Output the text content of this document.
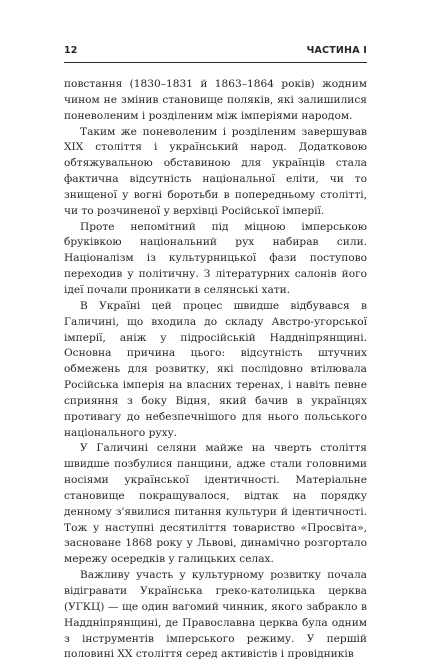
12	ЧАСТИНА I

повстання (1830–1831 й 1863–1864 років) жодним чином не змінив становище поляків, які залишилися поневоленим і розділеним між імперіями народом.

Таким же поневоленим і розділеним завершував XIX століття і український народ. Додатковою обтяжувальною обставиною для українців стала фактична відсутність національної еліти, чи то знищеної у вогні боротьби в попередньому столітті, чи то розчиненої у верхівці Російської імперії.

Проте непомітний під міцною імперською бруківкою національний рух набирав сили. Націоналізм із культурницької фази поступово переходив у політичну. З літературних салонів його ідеї почали проникати в селянські хати.

В Україні цей процес швидше відбувався в Галичині, що входила до складу Австро-угорської імперії, аніж у підросійській Наддніпрянщині. Основна причина цього: відсутність штучних обмежень для розвитку, які послідовно втілювала Російська імперія на власних теренах, і навіть певне сприяння з боку Відня, який бачив в українцях противагу до небезпечнішого для нього польського національного руху.

У Галичині селяни майже на чверть століття швидше позбулися панщини, адже стали головними носіями української ідентичності. Матеріальне становище покращувалося, відтак на порядку денному з'явилися питання культури й ідентичності. Тож у наступні десятиліття товариство «Просвіта», засноване 1868 року у Львові, динамічно розгортало мережу осередків у галицьких селах.

Важливу участь у культурному розвитку почала відігравати Українська греко-католицька церква (УГКЦ) — ще один вагомий чинник, якого забракло в Наддніпрянщині, де Православна церква була одним з інструментів імперського режиму. У першій половині XX століття серед активістів і провідників
